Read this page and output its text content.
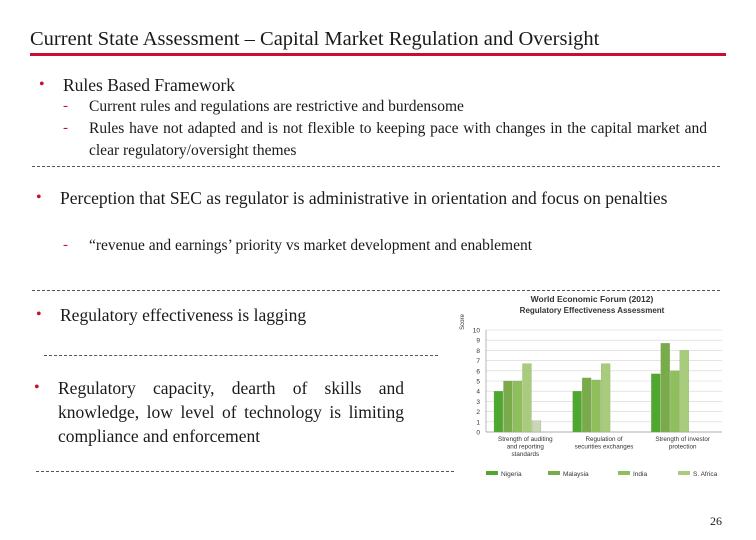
Current State Assessment – Capital Market Regulation and Oversight
• Rules Based Framework
- Current rules and regulations are restrictive and burdensome
- Rules have not adapted and is not flexible to keeping pace with changes in the capital market and clear regulatory/oversight themes
• Perception that SEC as regulator is administrative in orientation and focus on penalties
- “revenue and earnings’ priority vs market development and enablement
• Regulatory effectiveness is lagging
• Regulatory capacity, dearth of skills and knowledge, low level of technology is limiting compliance and enforcement
World Economic Forum (2012)
Regulatory Effectiveness Assessment
Score
0
1
2
3
4
5
6
7
8
9
10
Strength of auditing
and reporting
standards
Regulation of
securities exchanges
Strength of investor
protection
Nigeria	Malaysia	India	S. Africa
26
